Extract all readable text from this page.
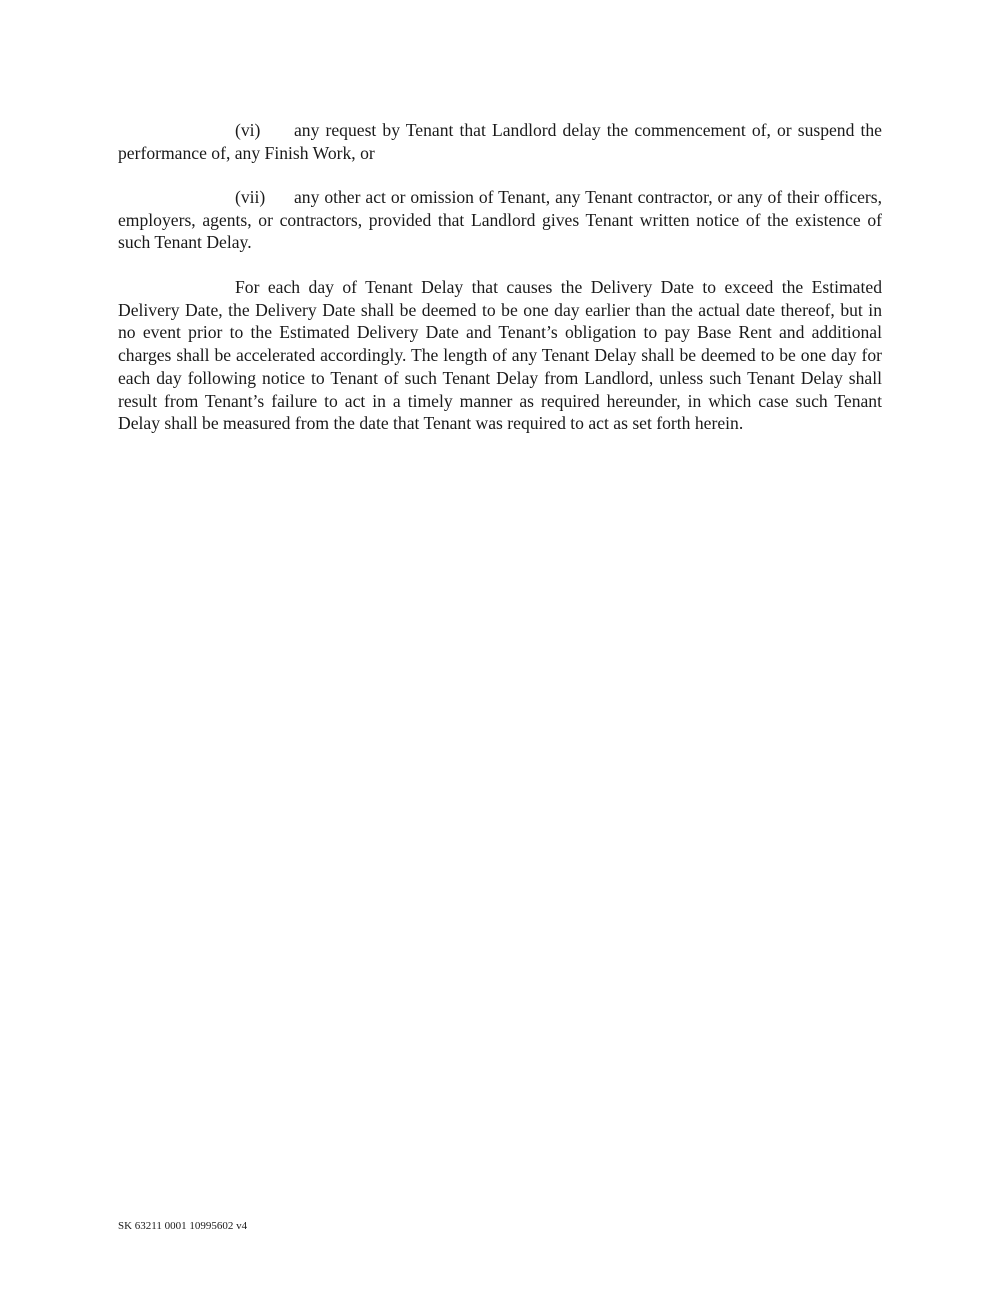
(vi) any request by Tenant that Landlord delay the commencement of, or suspend the performance of, any Finish Work, or

(vii) any other act or omission of Tenant, any Tenant contractor, or any of their officers, employers, agents, or contractors, provided that Landlord gives Tenant written notice of the existence of such Tenant Delay.

For each day of Tenant Delay that causes the Delivery Date to exceed the Estimated Delivery Date, the Delivery Date shall be deemed to be one day earlier than the actual date thereof, but in no event prior to the Estimated Delivery Date and Tenant’s obligation to pay Base Rent and additional charges shall be accelerated accordingly. The length of any Tenant Delay shall be deemed to be one day for each day following notice to Tenant of such Tenant Delay from Landlord, unless such Tenant Delay shall result from Tenant’s failure to act in a timely manner as required hereunder, in which case such Tenant Delay shall be measured from the date that Tenant was required to act as set forth herein.

SK 63211 0001 10995602 v4
